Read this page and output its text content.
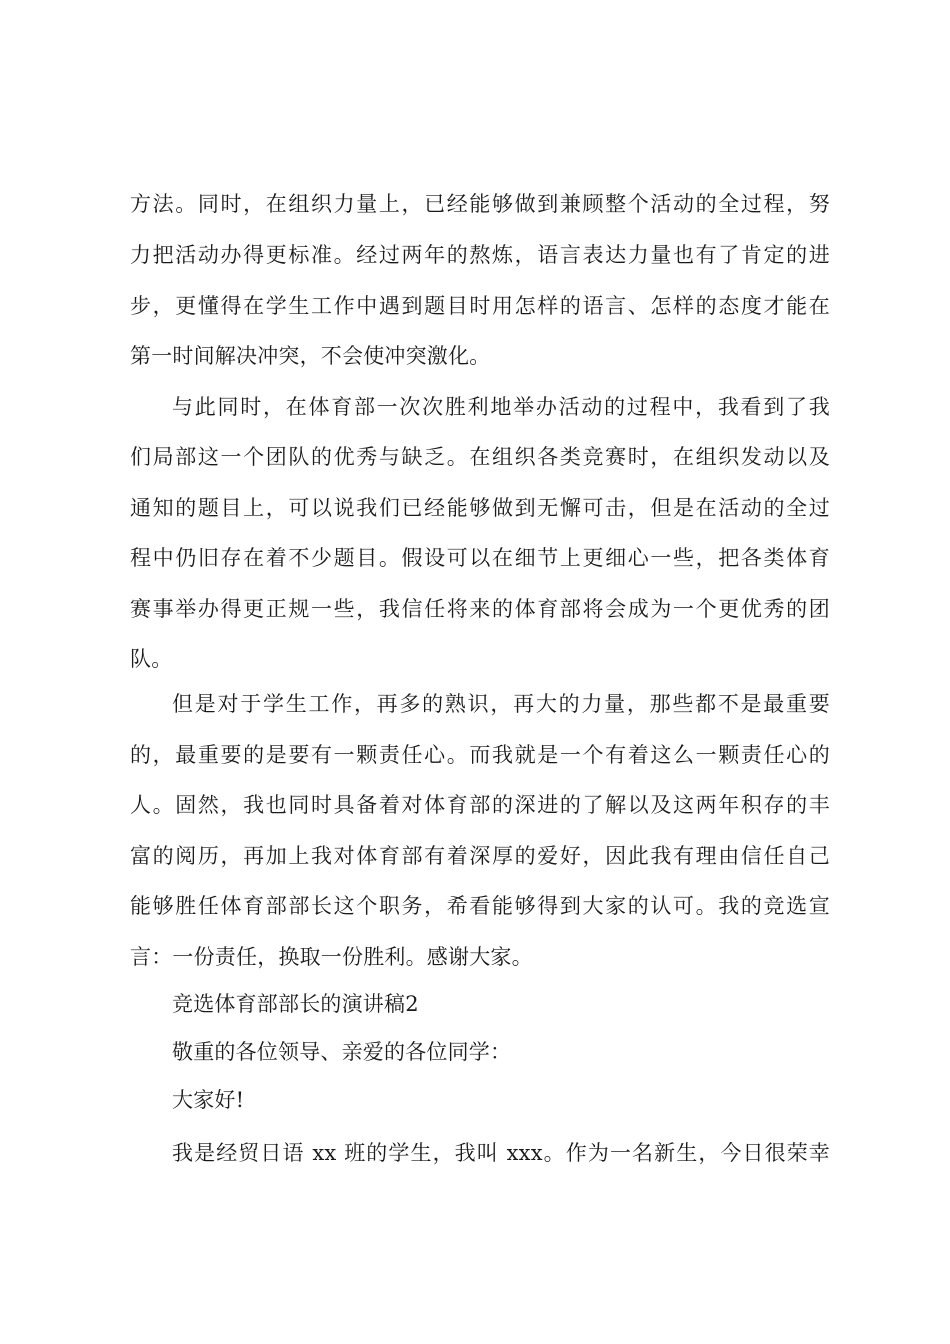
方法。同时，在组织力量上，已经能够做到兼顾整个活动的全过程，努
力把活动办得更标准。经过两年的熬炼，语言表达力量也有了肯定的进
步，更懂得在学生工作中遇到题目时用怎样的语言、怎样的态度才能在
第一时间解决冲突，不会使冲突激化。
与此同时，在体育部一次次胜利地举办活动的过程中，我看到了我
们局部这一个团队的优秀与缺乏。在组织各类竞赛时，在组织发动以及
通知的题目上，可以说我们已经能够做到无懈可击，但是在活动的全过
程中仍旧存在着不少题目。假设可以在细节上更细心一些，把各类体育
赛事举办得更正规一些，我信任将来的体育部将会成为一个更优秀的团
队。
但是对于学生工作，再多的熟识，再大的力量，那些都不是最重要
的，最重要的是要有一颗责任心。而我就是一个有着这么一颗责任心的
人。固然，我也同时具备着对体育部的深进的了解以及这两年积存的丰
富的阅历，再加上我对体育部有着深厚的爱好，因此我有理由信任自己
能够胜任体育部部长这个职务，希看能够得到大家的认可。我的竞选宣
言：一份责任，换取一份胜利。感谢大家。
竞选体育部部长的演讲稿2
敬重的各位领导、亲爱的各位同学：
大家好!
我是经贸日语 xx 班的学生，我叫 xxx。作为一名新生，今日很荣幸
